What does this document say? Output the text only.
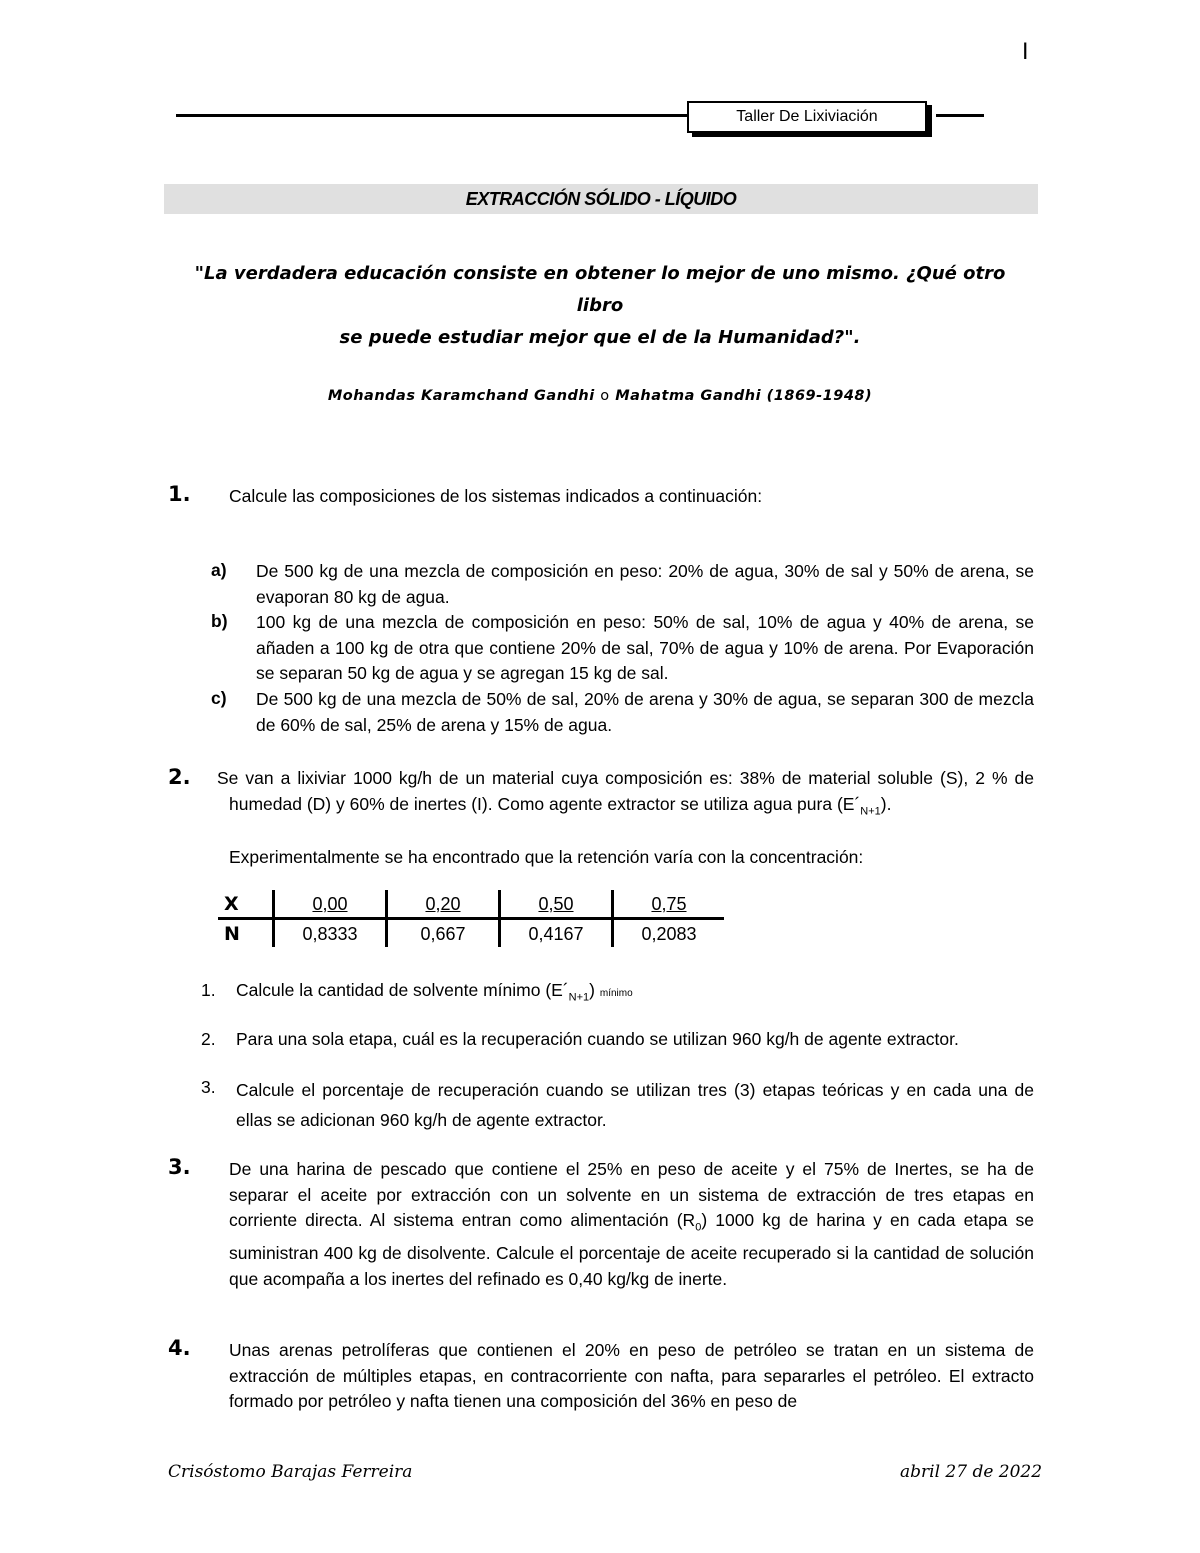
I
Taller De Lixiviación
EXTRACCIÓN SÓLIDO - LÍQUIDO
"La verdadera educación consiste en obtener lo mejor de uno mismo. ¿Qué otro libro
se puede estudiar mejor que el de la Humanidad?".
Mohandas Karamchand Gandhi o Mahatma Gandhi (1869-1948)
1. Calcule las composiciones de los sistemas indicados a continuación:
a) De 500 kg de una mezcla de composición en peso: 20% de agua, 30% de sal y 50% de arena, se evaporan 80 kg de agua.
b) 100 kg de una mezcla de composición en peso: 50% de sal, 10% de agua y 40% de arena, se añaden a 100 kg de otra que contiene 20% de sal, 70% de agua y 10% de arena. Por Evaporación se separan 50 kg de agua y se agregan 15 kg de sal.
c) De 500 kg de una mezcla de 50% de sal, 20% de arena y 30% de agua, se separan 300 de mezcla de 60% de sal, 25% de arena y 15% de agua.
2. Se van a lixiviar 1000 kg/h de un material cuya composición es: 38% de material soluble (S), 2 % de humedad (D) y 60% de inertes (I). Como agente extractor se utiliza agua pura $(E´_{N+1})$.
Experimentalmente se ha encontrado que la retención varía con la concentración:
X	0,00	0,20	0,50	0,75
N	0,8333	0,667	0,4167	0,2083
1. Calcule la cantidad de solvente mínimo $(E´_{N+1})$ mínimo
2. Para una sola etapa, cuál es la recuperación cuando se utilizan 960 kg/h de agente extractor.
3. Calcule el porcentaje de recuperación cuando se utilizan tres (3) etapas teóricas y en cada una de ellas se adicionan 960 kg/h de agente extractor.
3. De una harina de pescado que contiene el 25% en peso de aceite y el 75% de Inertes, se ha de separar el aceite por extracción con un solvente en un sistema de extracción de tres etapas en corriente directa. Al sistema entran como alimentación $(R_0)$ 1000 kg de harina y en cada etapa se suministran 400 kg de disolvente. Calcule el porcentaje de aceite recuperado si la cantidad de solución que acompaña a los inertes del refinado es 0,40 kg/kg de inerte.
4. Unas arenas petrolíferas que contienen el 20% en peso de petróleo se tratan en un sistema de extracción de múltiples etapas, en contracorriente con nafta, para separarles el petróleo. El extracto formado por petróleo y nafta tienen una composición del 36% en peso de
Crisóstomo Barajas Ferreira	abril 27 de 2022
